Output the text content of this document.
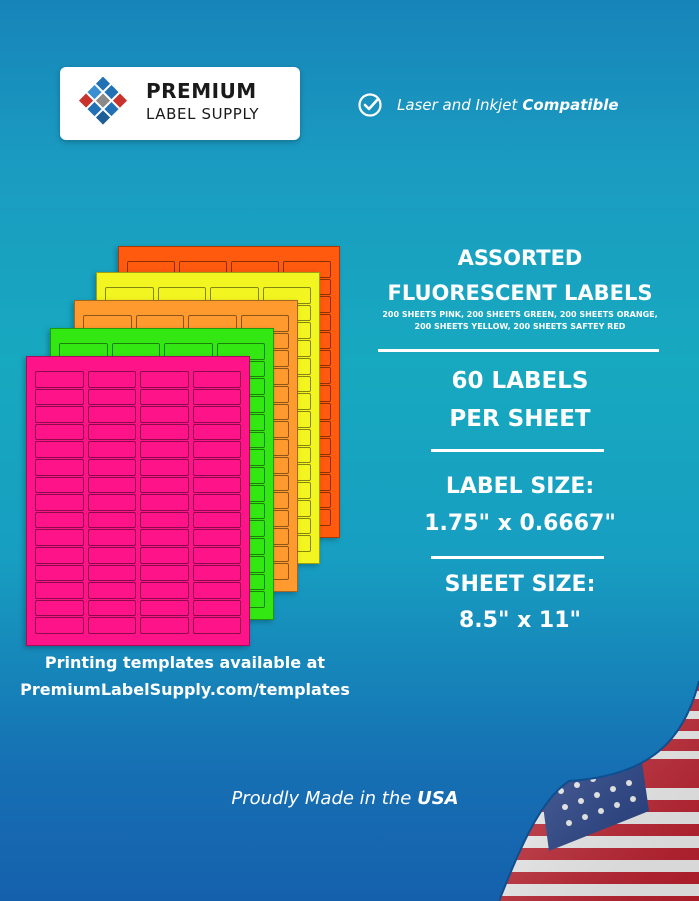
PREMIUM
LABEL SUPPLY	Laser and Inkjet Compatible
ASSORTED
FLUORESCENT LABELS
200 SHEETS PINK, 200 SHEETS GREEN, 200 SHEETS ORANGE,
200 SHEETS YELLOW, 200 SHEETS SAFTEY RED
60 LABELS
PER SHEET
LABEL SIZE:
1.75" x 0.6667"
SHEET SIZE:
8.5" x 11"
Printing templates available at
PremiumLabelSupply.com/templates
Proudly Made in the USA
